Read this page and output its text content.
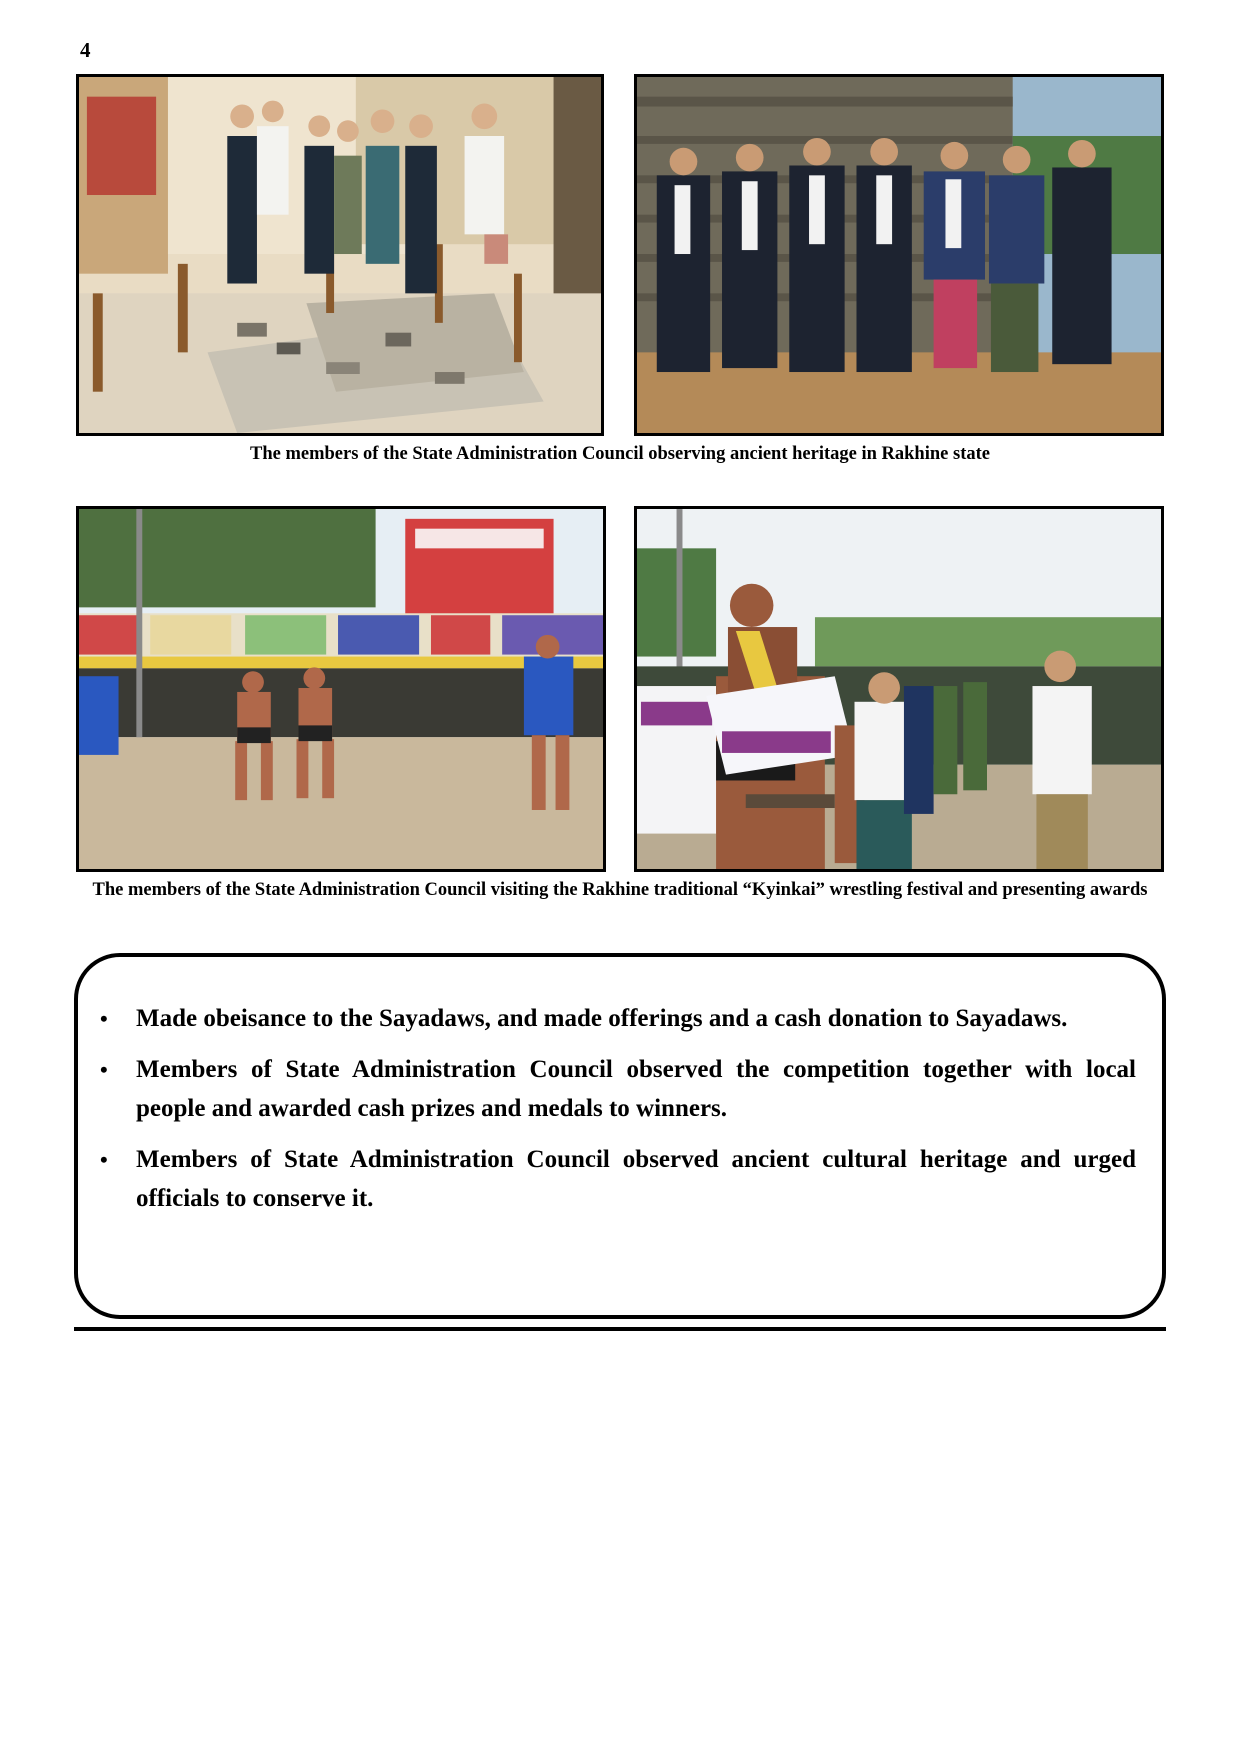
4
The members of the State Administration Council observing ancient heritage in Rakhine state
The members of the State Administration Council visiting the Rakhine traditional “Kyinkai” wrestling festival and presenting awards
• Made obeisance to the Sayadaws, and made offerings and a cash donation to Sayadaws.
• Members of State Administration Council observed the competition together with local people and awarded cash prizes and medals to winners.
• Members of State Administration Council observed ancient cultural heritage and urged officials to conserve it.
